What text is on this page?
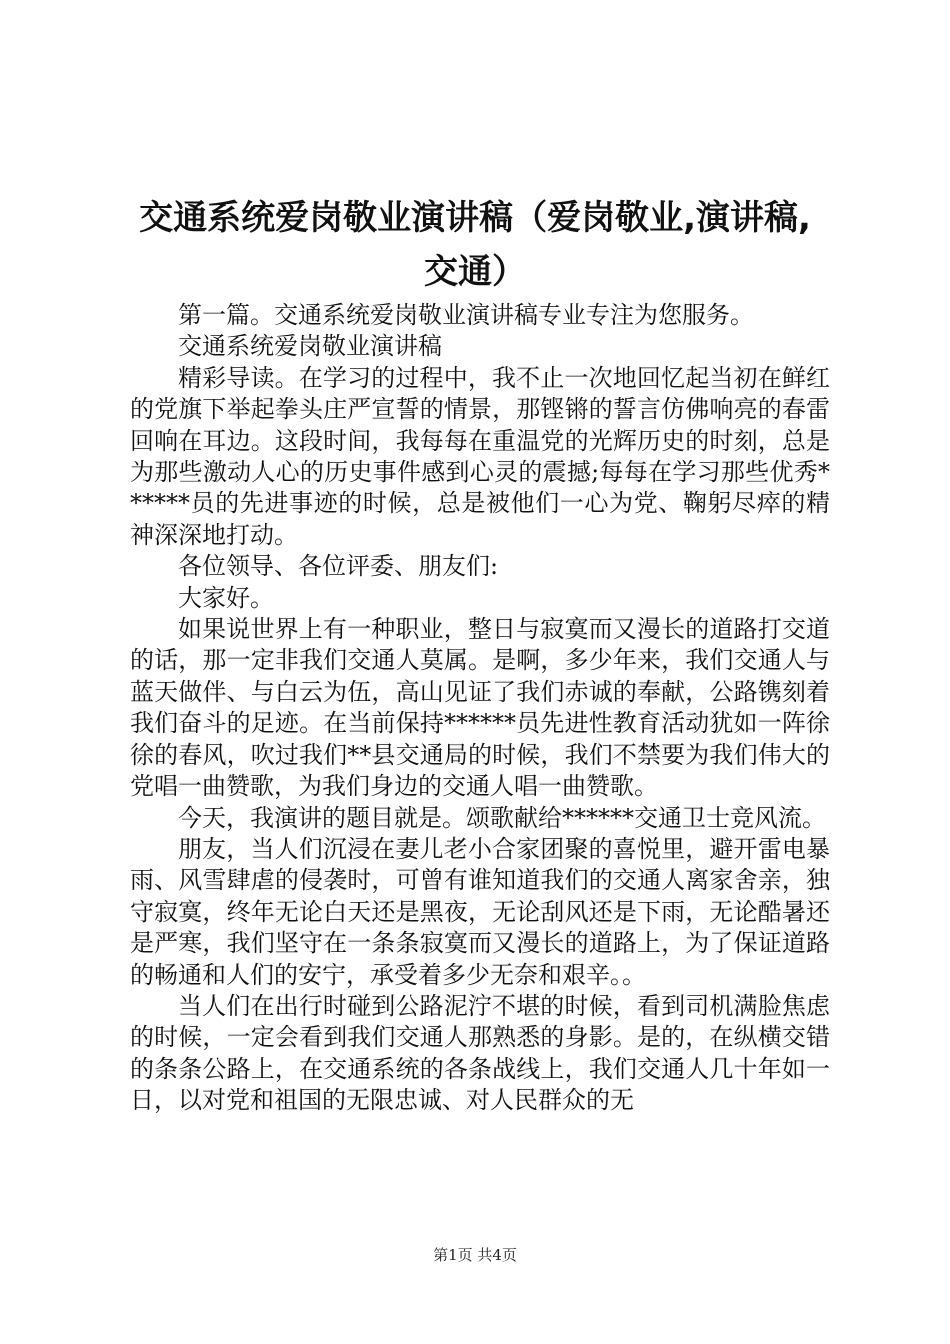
交通系统爱岗敬业演讲稿（爱岗敬业,演讲稿,
交通）

第一篇。交通系统爱岗敬业演讲稿专业专注为您服务。

交通系统爱岗敬业演讲稿

精彩导读。在学习的过程中，我不止一次地回忆起当初在鲜红的党旗下举起拳头庄严宣誓的情景，那铿锵的誓言仿佛响亮的春雷回响在耳边。这段时间，我每每在重温党的光辉历史的时刻，总是为那些激动人心的历史事件感到心灵的震撼;每每在学习那些优秀******员的先进事迹的时候，总是被他们一心为党、鞠躬尽瘁的精神深深地打动。

各位领导、各位评委、朋友们:

大家好。

如果说世界上有一种职业，整日与寂寞而又漫长的道路打交道的话，那一定非我们交通人莫属。是啊，多少年来，我们交通人与蓝天做伴、与白云为伍，高山见证了我们赤诚的奉献，公路镌刻着我们奋斗的足迹。在当前保持******员先进性教育活动犹如一阵徐徐的春风，吹过我们**县交通局的时候，我们不禁要为我们伟大的党唱一曲赞歌，为我们身边的交通人唱一曲赞歌。

今天，我演讲的题目就是。颂歌献给******交通卫士竞风流。

朋友，当人们沉浸在妻儿老小合家团聚的喜悦里，避开雷电暴雨、风雪肆虐的侵袭时，可曾有谁知道我们的交通人离家舍亲，独守寂寞，终年无论白天还是黑夜，无论刮风还是下雨，无论酷暑还是严寒，我们坚守在一条条寂寞而又漫长的道路上，为了保证道路的畅通和人们的安宁，承受着多少无奈和艰辛。。

当人们在出行时碰到公路泥泞不堪的时候，看到司机满脸焦虑的时候，一定会看到我们交通人那熟悉的身影。是的，在纵横交错的条条公路上，在交通系统的各条战线上，我们交通人几十年如一日，以对党和祖国的无限忠诚、对人民群众的无

第1页 共4页
